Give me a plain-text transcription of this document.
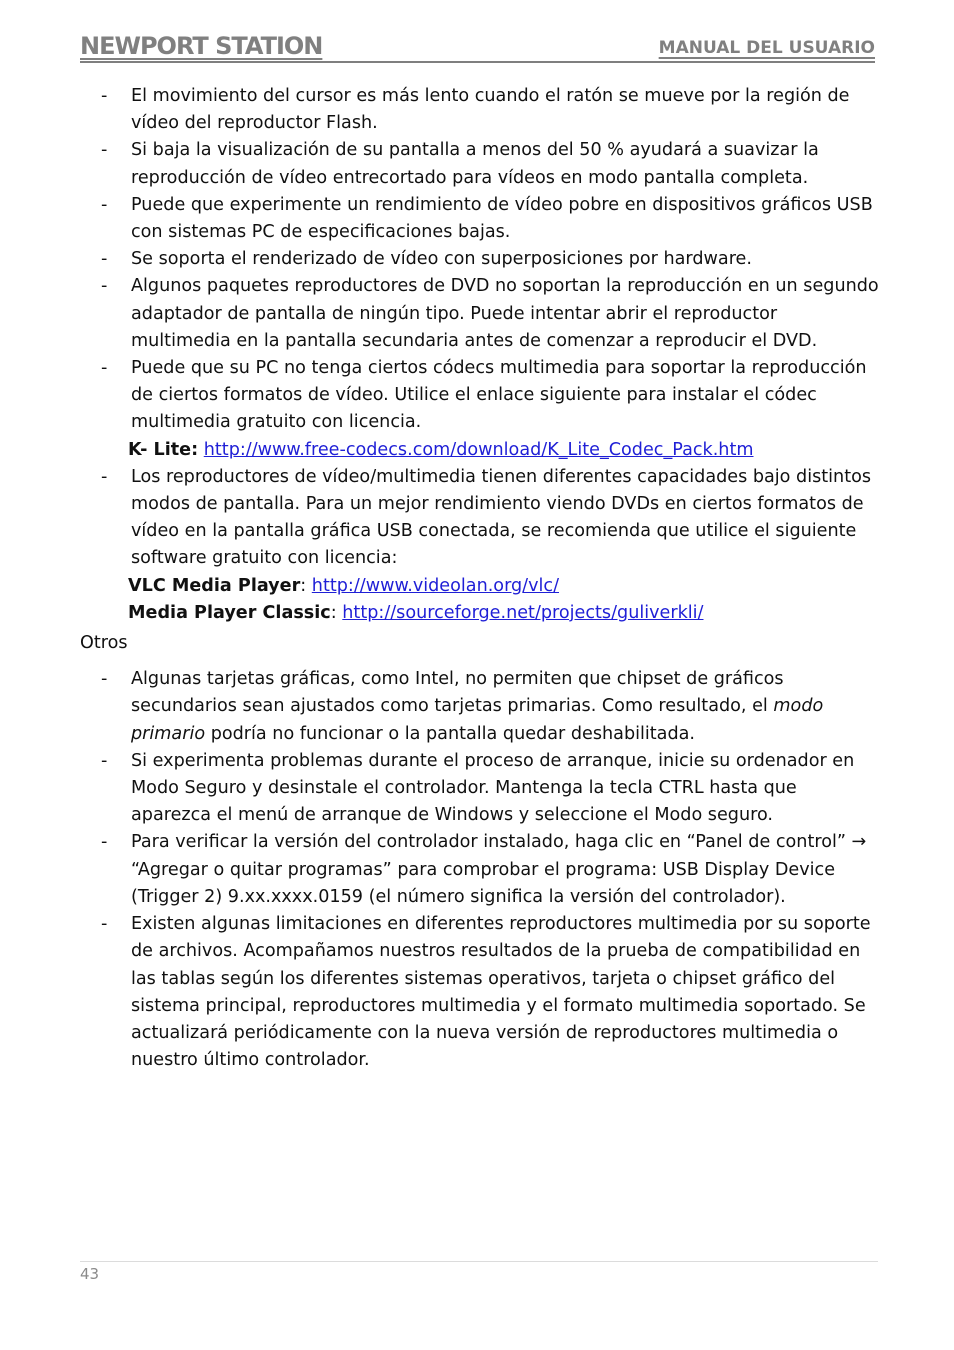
NEWPORT STATION	MANUAL DEL USUARIO
- El movimiento del cursor es más lento cuando el ratón se mueve por la región de vídeo del reproductor Flash.
- Si baja la visualización de su pantalla a menos del 50 % ayudará a suavizar la reproducción de vídeo entrecortado para vídeos en modo pantalla completa.
- Puede que experimente un rendimiento de vídeo pobre en dispositivos gráficos USB con sistemas PC de especificaciones bajas.
- Se soporta el renderizado de vídeo con superposiciones por hardware.
- Algunos paquetes reproductores de DVD no soportan la reproducción en un segundo adaptador de pantalla de ningún tipo. Puede intentar abrir el reproductor multimedia en la pantalla secundaria antes de comenzar a reproducir el DVD.
- Puede que su PC no tenga ciertos códecs multimedia para soportar la reproducción de ciertos formatos de vídeo. Utilice el enlace siguiente para instalar el códec multimedia gratuito con licencia.
K- Lite: http://www.free-codecs.com/download/K_Lite_Codec_Pack.htm
- Los reproductores de vídeo/multimedia tienen diferentes capacidades bajo distintos modos de pantalla. Para un mejor rendimiento viendo DVDs en ciertos formatos de vídeo en la pantalla gráfica USB conectada, se recomienda que utilice el siguiente software gratuito con licencia:
VLC Media Player: http://www.videolan.org/vlc/
Media Player Classic: http://sourceforge.net/projects/guliverkli/
Otros
- Algunas tarjetas gráficas, como Intel, no permiten que chipset de gráficos secundarios sean ajustados como tarjetas primarias. Como resultado, el modo primario podría no funcionar o la pantalla quedar deshabilitada.
- Si experimenta problemas durante el proceso de arranque, inicie su ordenador en Modo Seguro y desinstale el controlador. Mantenga la tecla CTRL hasta que aparezca el menú de arranque de Windows y seleccione el Modo seguro.
- Para verificar la versión del controlador instalado, haga clic en “Panel de control” → “Agregar o quitar programas” para comprobar el programa: USB Display Device (Trigger 2) 9.xx.xxxx.0159 (el número significa la versión del controlador).
- Existen algunas limitaciones en diferentes reproductores multimedia por su soporte de archivos. Acompañamos nuestros resultados de la prueba de compatibilidad en las tablas según los diferentes sistemas operativos, tarjeta o chipset gráfico del sistema principal, reproductores multimedia y el formato multimedia soportado. Se actualizará periódicamente con la nueva versión de reproductores multimedia o nuestro último controlador.
43
